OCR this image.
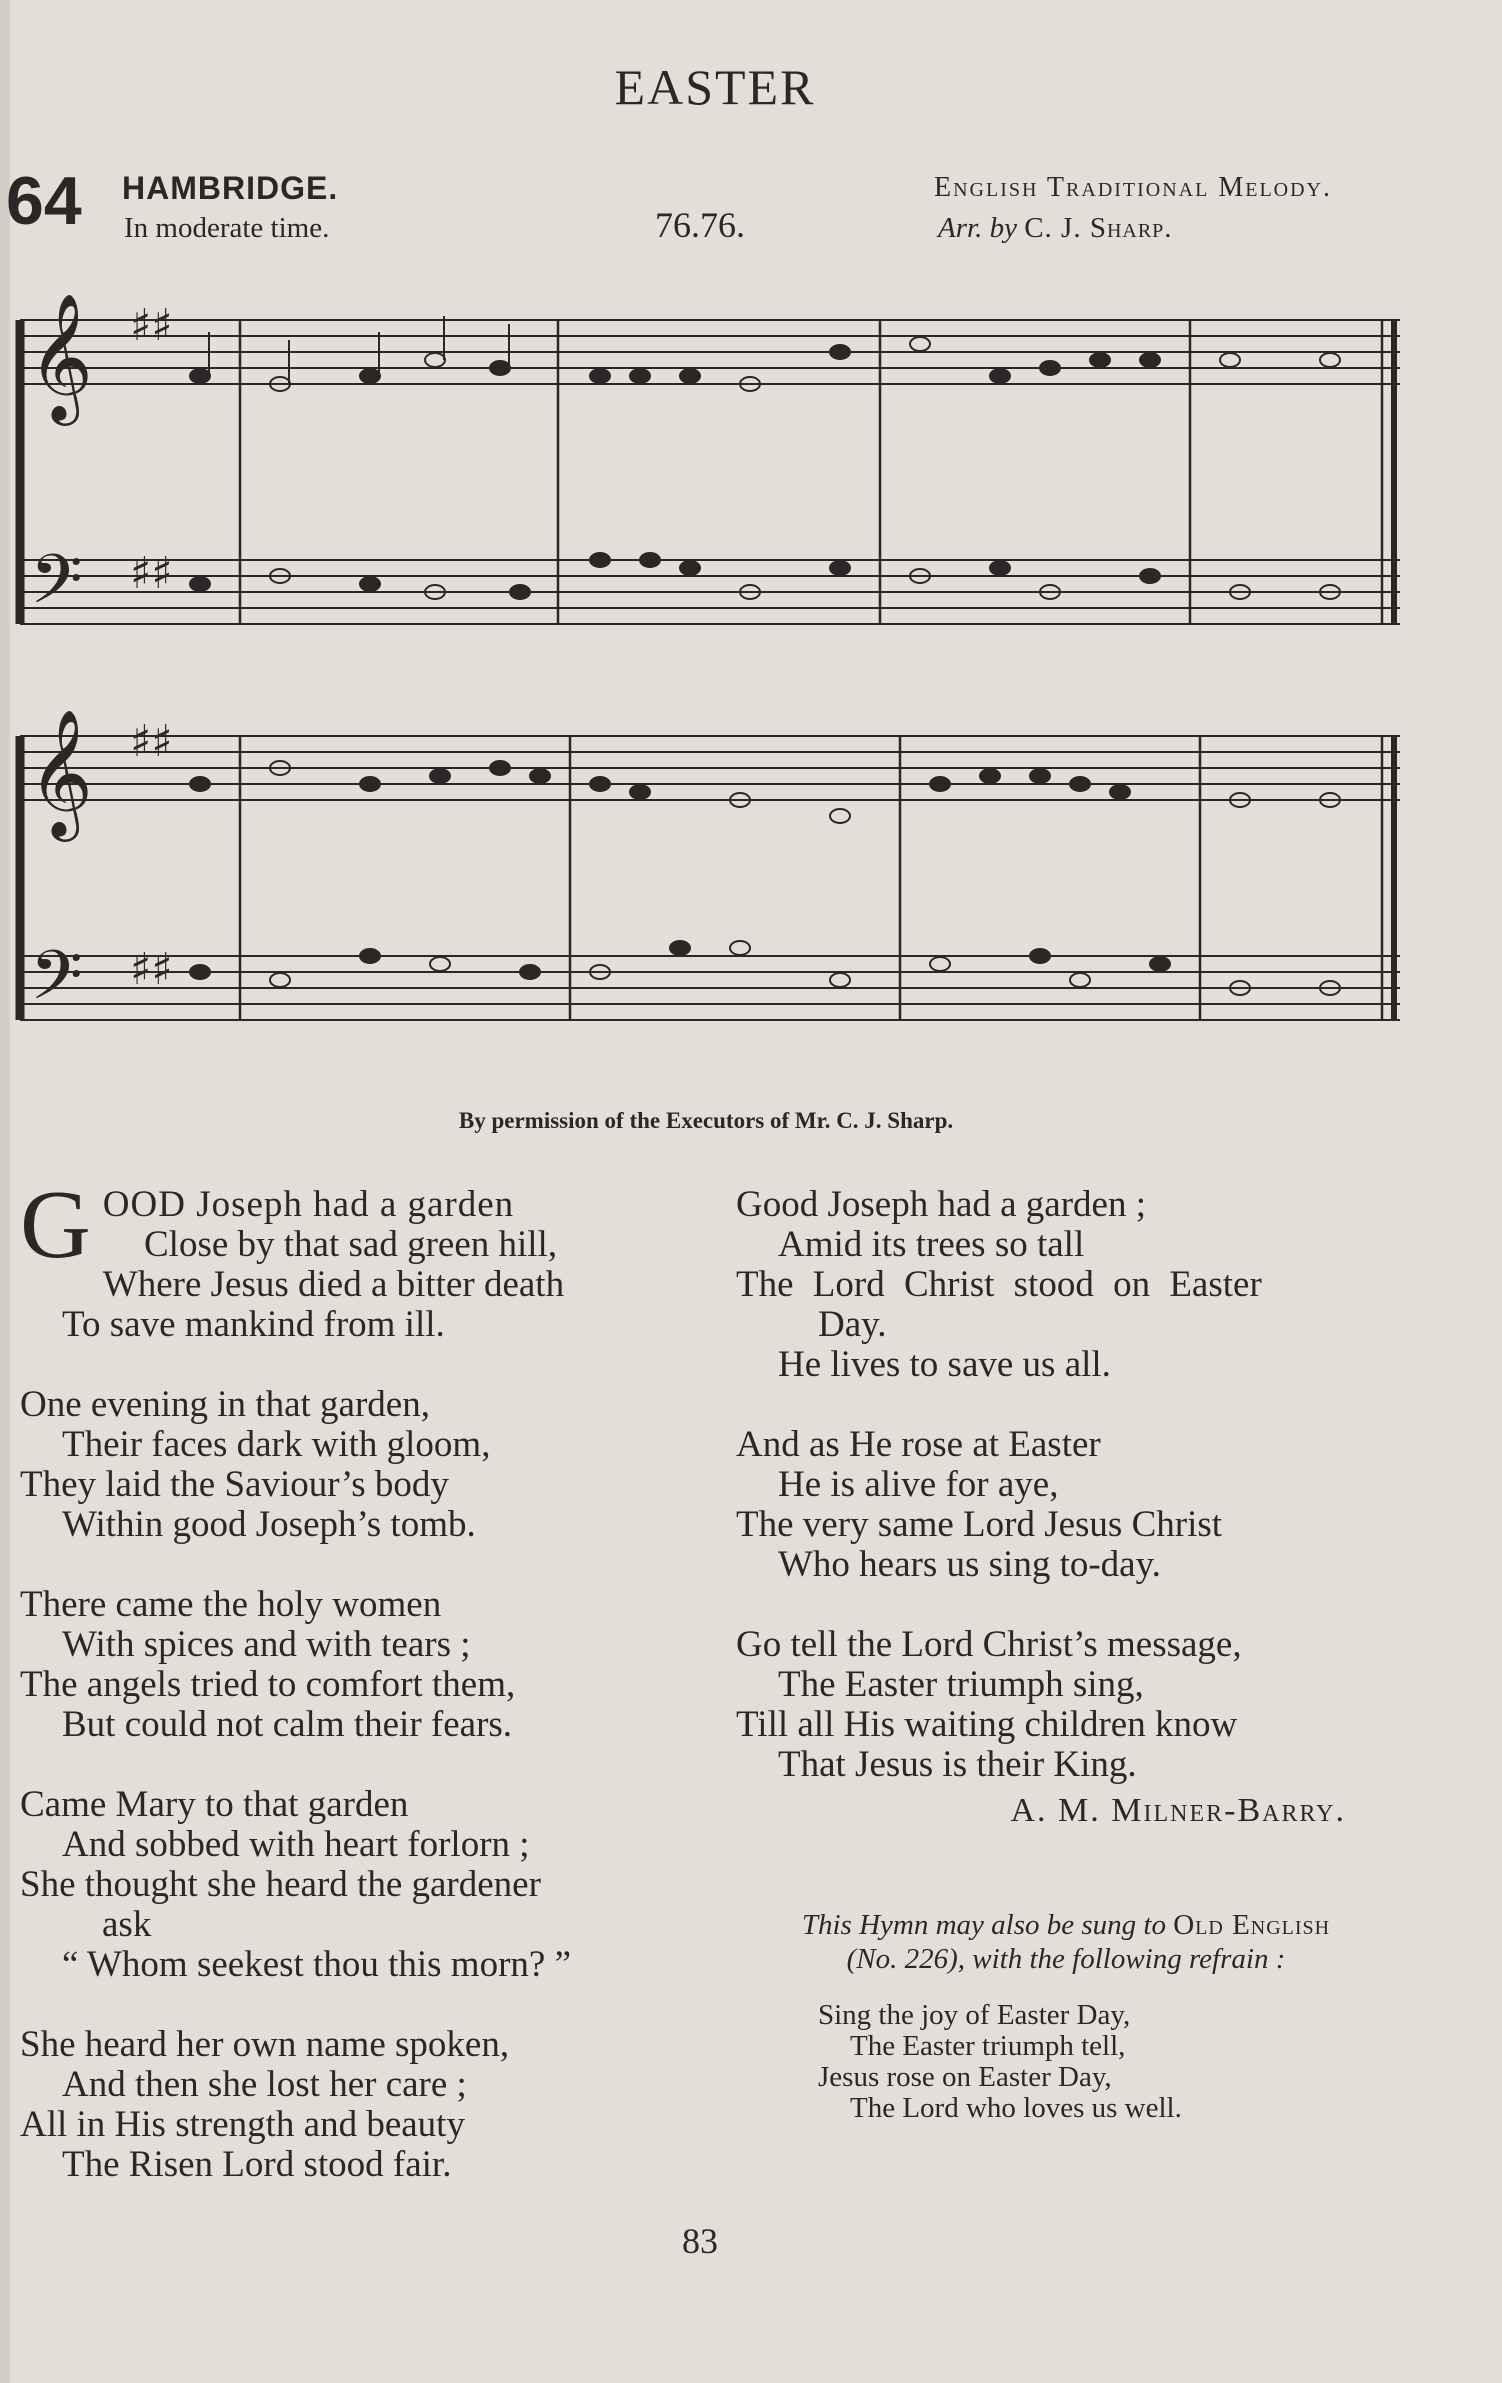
EASTER
64 HAMBRIDGE.
In moderate time.	76.76.
English Traditional Melody.
Arr. by C. J. Sharp.
𝄞
𝄢
♯♯
♯♯
𝄞
𝄢
♯♯
♯♯
By permission of the Executors of Mr. C. J. Sharp.
G OOD Joseph had a garden
Close by that sad green hill,
Where Jesus died a bitter death
To save mankind from ill.
One evening in that garden,
Their faces dark with gloom,
They laid the Saviour’s body
Within good Joseph’s tomb.
There came the holy women
With spices and with tears ;
The angels tried to comfort them,
But could not calm their fears.
Came Mary to that garden
And sobbed with heart forlorn ;
She thought she heard the gardener
ask
“ Whom seekest thou this morn? ”
She heard her own name spoken,
And then she lost her care ;
All in His strength and beauty
The Risen Lord stood fair.
Good Joseph had a garden ;
Amid its trees so tall
The Lord Christ stood on Easter
Day.
He lives to save us all.
And as He rose at Easter
He is alive for aye,
The very same Lord Jesus Christ
Who hears us sing to-day.
Go tell the Lord Christ’s message,
The Easter triumph sing,
Till all His waiting children know
That Jesus is their King.
A. M. Milner-Barry.
This Hymn may also be sung to Old English
(No. 226), with the following refrain :
Sing the joy of Easter Day,
The Easter triumph tell,
Jesus rose on Easter Day,
The Lord who loves us well.
83
